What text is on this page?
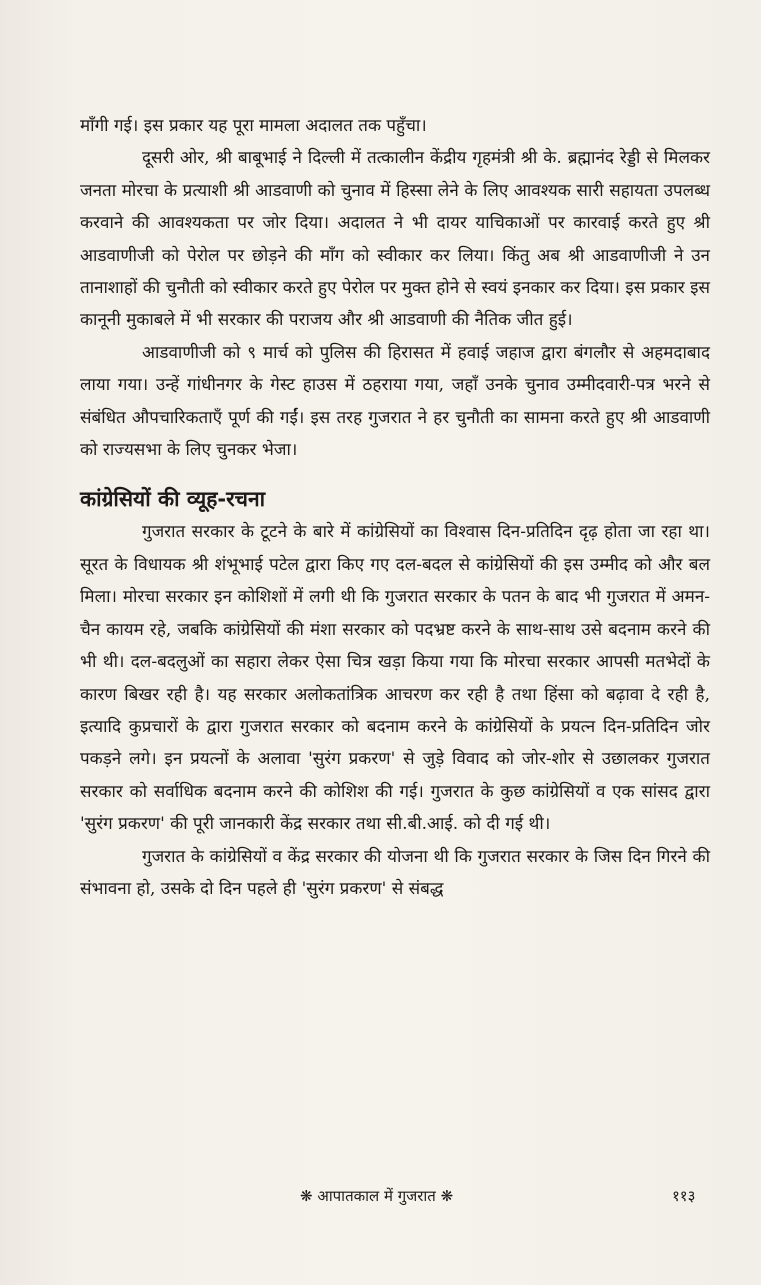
माँगी गई। इस प्रकार यह पूरा मामला अदालत तक पहुँचा।

दूसरी ओर, श्री बाबूभाई ने दिल्ली में तत्कालीन केंद्रीय गृहमंत्री श्री के. ब्रह्मानंद रेड्डी से मिलकर जनता मोरचा के प्रत्याशी श्री आडवाणी को चुनाव में हिस्सा लेने के लिए आवश्यक सारी सहायता उपलब्ध करवाने की आवश्यकता पर जोर दिया। अदालत ने भी दायर याचिकाओं पर कारवाई करते हुए श्री आडवाणीजी को पेरोल पर छोड़ने की माँग को स्वीकार कर लिया। किंतु अब श्री आडवाणीजी ने उन तानाशाहों की चुनौती को स्वीकार करते हुए पेरोल पर मुक्त होने से स्वयं इनकार कर दिया। इस प्रकार इस कानूनी मुकाबले में भी सरकार की पराजय और श्री आडवाणी की नैतिक जीत हुई।

आडवाणीजी को ९ मार्च को पुलिस की हिरासत में हवाई जहाज द्वारा बंगलौर से अहमदाबाद लाया गया। उन्हें गांधीनगर के गेस्ट हाउस में ठहराया गया, जहाँ उनके चुनाव उम्मीदवारी-पत्र भरने से संबंधित औपचारिकताएँ पूर्ण की गईं। इस तरह गुजरात ने हर चुनौती का सामना करते हुए श्री आडवाणी को राज्यसभा के लिए चुनकर भेजा।

कांग्रेसियों की व्यूह-रचना

गुजरात सरकार के टूटने के बारे में कांग्रेसियों का विश्वास दिन-प्रतिदिन दृढ़ होता जा रहा था। सूरत के विधायक श्री शंभूभाई पटेल द्वारा किए गए दल-बदल से कांग्रेसियों की इस उम्मीद को और बल मिला। मोरचा सरकार इन कोशिशों में लगी थी कि गुजरात सरकार के पतन के बाद भी गुजरात में अमन-चैन कायम रहे, जबकि कांग्रेसियों की मंशा सरकार को पदभ्रष्ट करने के साथ-साथ उसे बदनाम करने की भी थी। दल-बदलुओं का सहारा लेकर ऐसा चित्र खड़ा किया गया कि मोरचा सरकार आपसी मतभेदों के कारण बिखर रही है। यह सरकार अलोकतांत्रिक आचरण कर रही है तथा हिंसा को बढ़ावा दे रही है, इत्यादि कुप्रचारों के द्वारा गुजरात सरकार को बदनाम करने के कांग्रेसियों के प्रयत्न दिन-प्रतिदिन जोर पकड़ने लगे। इन प्रयत्नों के अलावा 'सुरंग प्रकरण' से जुड़े विवाद को जोर-शोर से उछालकर गुजरात सरकार को सर्वाधिक बदनाम करने की कोशिश की गई। गुजरात के कुछ कांग्रेसियों व एक सांसद द्वारा 'सुरंग प्रकरण' की पूरी जानकारी केंद्र सरकार तथा सी.बी.आई. को दी गई थी।

गुजरात के कांग्रेसियों व केंद्र सरकार की योजना थी कि गुजरात सरकार के जिस दिन गिरने की संभावना हो, उसके दो दिन पहले ही 'सुरंग प्रकरण' से संबद्ध

❋ आपातकाल में गुजरात ❋	११३
